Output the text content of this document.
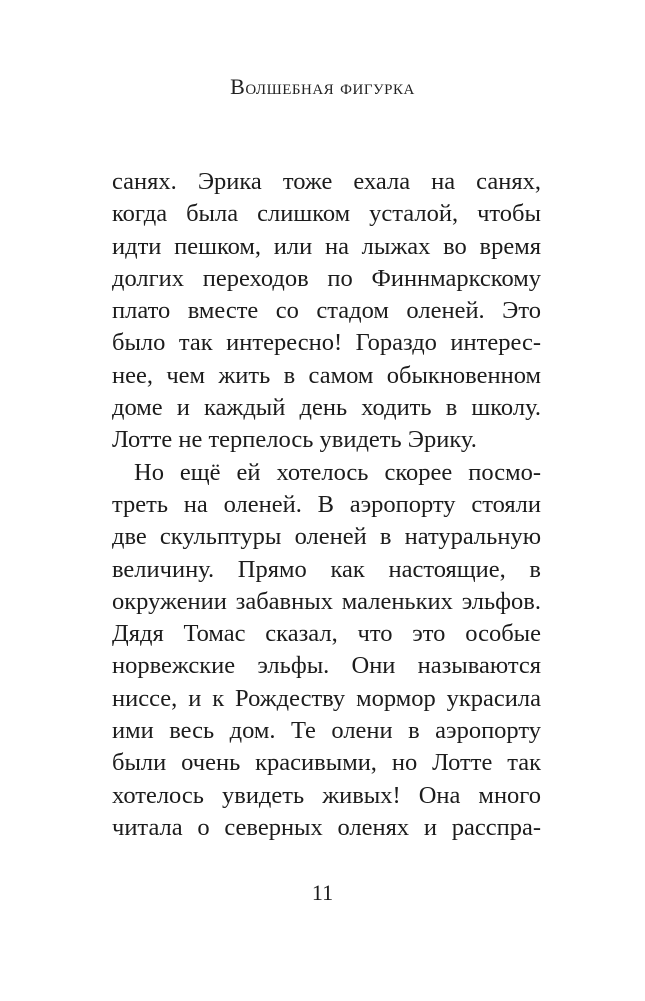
Волшебная фигурка
санях. Эрика тоже ехала на санях,
когда была слишком усталой, чтобы
идти пешком, или на лыжах во время
долгих переходов по Финнмаркскому
плато вместе со стадом оленей. Это
было так интересно! Гораздо интерес-
нее, чем жить в самом обыкновенном
доме и каждый день ходить в школу.
Лотте не терпелось увидеть Эрику.
Но ещё ей хотелось скорее посмо-
треть на оленей. В аэропорту стояли
две скульптуры оленей в натуральную
величину. Прямо как настоящие, в
окружении забавных маленьких эльфов.
Дядя Томас сказал, что это особые
норвежские эльфы. Они называются
ниссе, и к Рождеству мормор украсила
ими весь дом. Те олени в аэропорту
были очень красивыми, но Лотте так
хотелось увидеть живых! Она много
читала о северных оленях и расспра-
11
